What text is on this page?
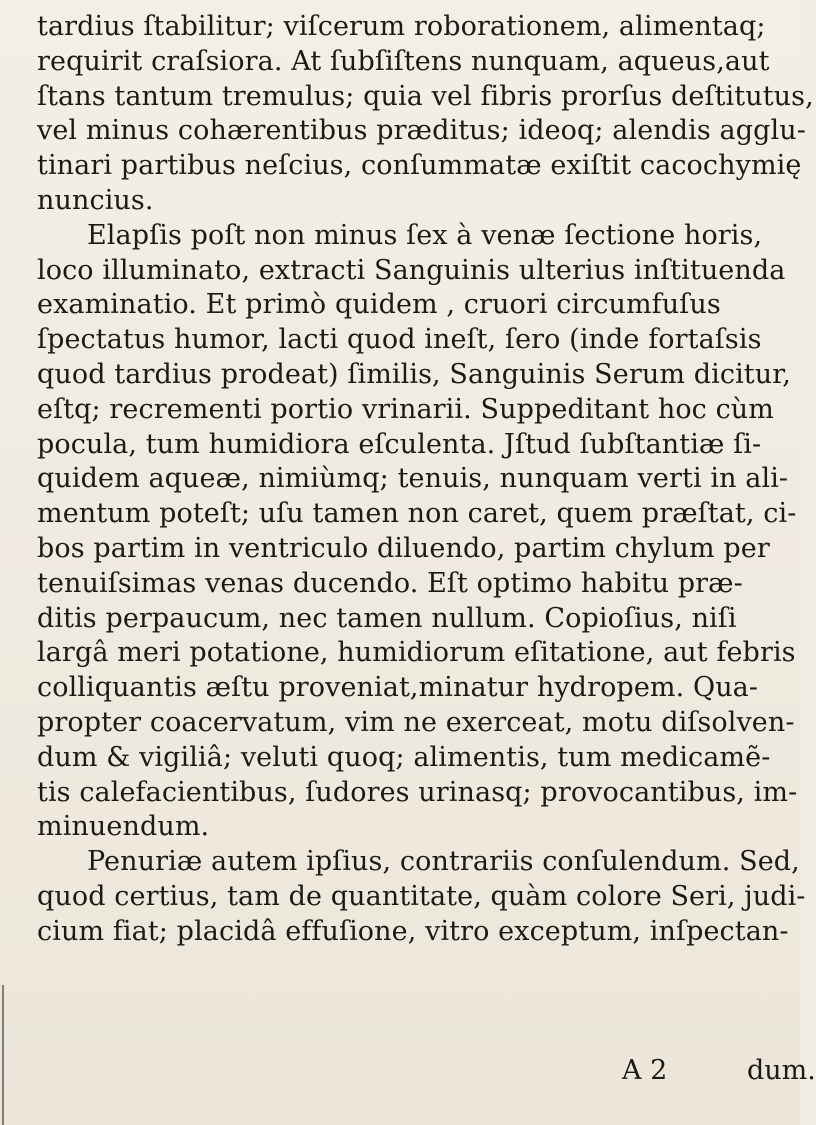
tardius ſtabilitur; viſcerum roborationem, alimentaq;
requirit craſsiora. At ſubſiſtens nunquam, aqueus,aut
ſtans tantum tremulus; quia vel fibris prorſus deſtitutus,
vel minus cohærentibus præditus; ideoq; alendis agglu-
tinari partibus neſcius, conſummatæ exiſtit cacochymię
nuncius.
Elapſis poſt non minus ſex à venæ ſectione horis,
loco illuminato, extracti Sanguinis ulterius inſtituenda
examinatio. Et primò quidem , cruori circumfuſus
ſpectatus humor, lacti quod ineſt, ſero (inde fortaſsis
quod tardius prodeat) ſimilis, Sanguinis Serum dicitur,
eſtq; recrementi portio vrinarii. Suppeditant hoc cùm
pocula, tum humidiora eſculenta. Jſtud ſubſtantiæ ſi-
quidem aqueæ, nimiùmq; tenuis, nunquam verti in ali-
mentum poteſt; uſu tamen non caret, quem præſtat, ci-
bos partim in ventriculo diluendo, partim chylum per
tenuiſsimas venas ducendo. Eſt optimo habitu præ-
ditis perpaucum, nec tamen nullum. Copioſius, niſi
largâ meri potatione, humidiorum eſitatione, aut febris
colliquantis æſtu proveniat,minatur hydropem. Qua-
propter coacervatum, vim ne exerceat, motu diſsolven-
dum & vigiliâ; veluti quoq; alimentis, tum medicamẽ-
tis calefacientibus, ſudores urinasq; provocantibus, im-
minuendum.
Penuriæ autem ipſius, contrariis conſulendum. Sed,
quod certius, tam de quantitate, quàm colore Seri, judi-
cium fiat; placidâ effuſione, vitro exceptum, inſpectan-
A 2	dum.
